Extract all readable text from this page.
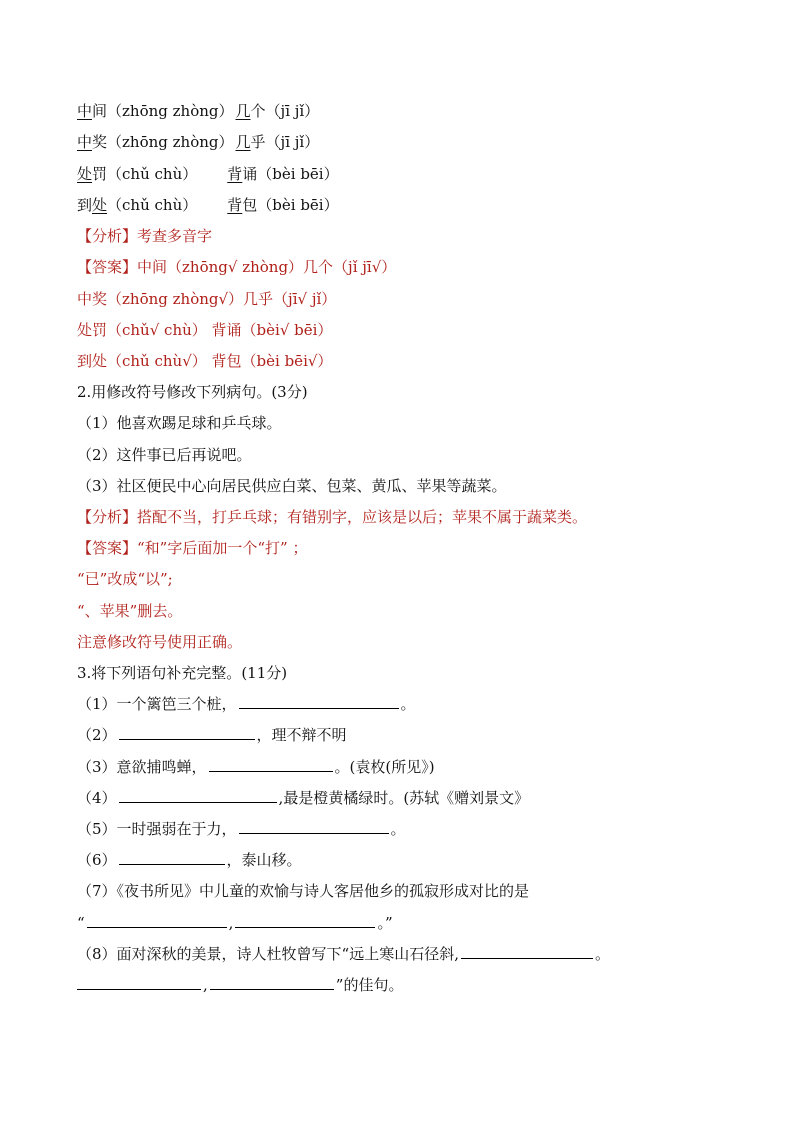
中间（zhōng zhòng） 几个（jī jǐ）
中奖（zhōng zhòng） 几乎（jī jǐ）
处罚（chǔ chù） 背诵（bèi bēi）
到处（chǔ chù） 背包（bèi bēi）
【分析】考查多音字
【答案】中间（zhōng√ zhòng）几个（jǐ jī√）
中奖（zhōng zhòng√）几乎（jī√ jǐ）
处罚（chǔ√ chù） 背诵（bèi√ bēi）
到处（chǔ chù√） 背包（bèi bēi√）
2.用修改符号修改下列病句。(3分)
（1）他喜欢踢足球和乒乓球。
（2）这件事已后再说吧。
（3）社区便民中心向居民供应白菜、包菜、黄瓜、苹果等蔬菜。
【分析】搭配不当，打乒乓球；有错别字，应该是以后；苹果不属于蔬菜类。
【答案】“和”字后面加一个“打” ；
“已”改成“以”;
“、苹果”删去。
注意修改符号使用正确。
3.将下列语句补充完整。(11分)
（1）一个篱笆三个桩，	。
（2）	，理不辩不明
（3）意欲捕鸣蝉，	。(袁枚(所见》)
（4）	,最是橙黄橘绿时。(苏轼《赠刘景文》
（5）一时强弱在于力，	。
（6）	，泰山移。
（7）《夜书所见》中儿童的欢愉与诗人客居他乡的孤寂形成对比的是
“	,	。”
（8）面对深秋的美景，诗人杜牧曾写下“远上寒山石径斜,	。
,	”的佳句。
